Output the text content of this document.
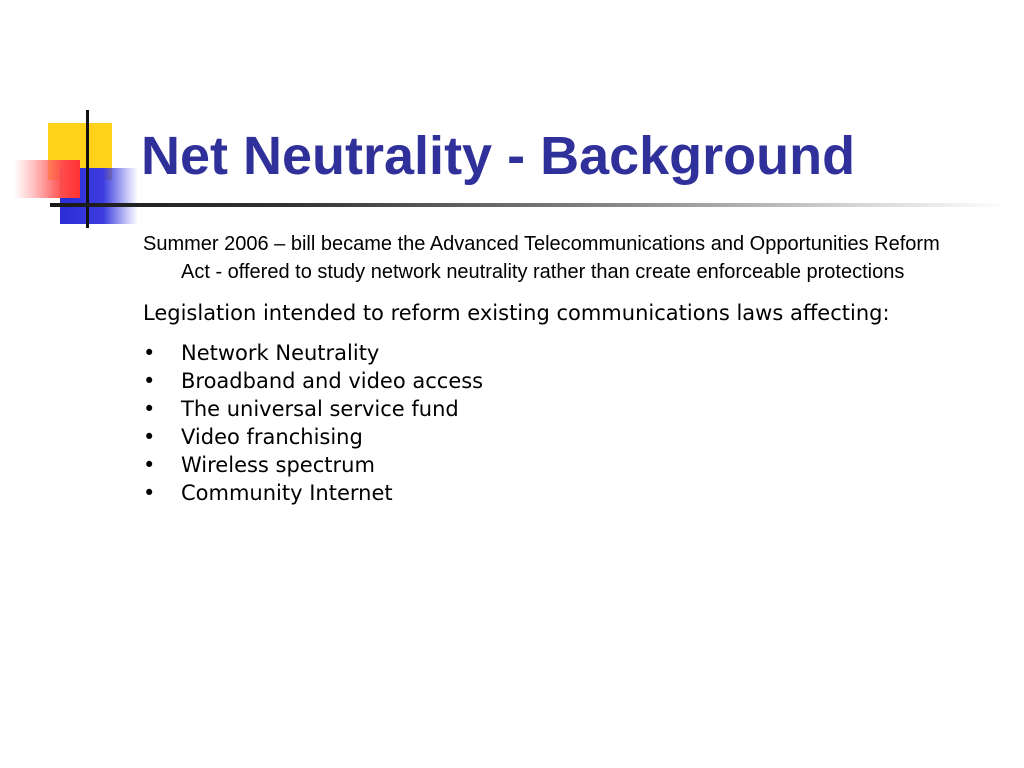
Net Neutrality - Background

Summer 2006 – bill became the Advanced Telecommunications and Opportunities Reform Act - offered to study network neutrality rather than create enforceable protections

Legislation intended to reform existing communications laws affecting:

•	Network Neutrality
•	Broadband and video access
•	The universal service fund
•	Video franchising
•	Wireless spectrum
•	Community Internet
